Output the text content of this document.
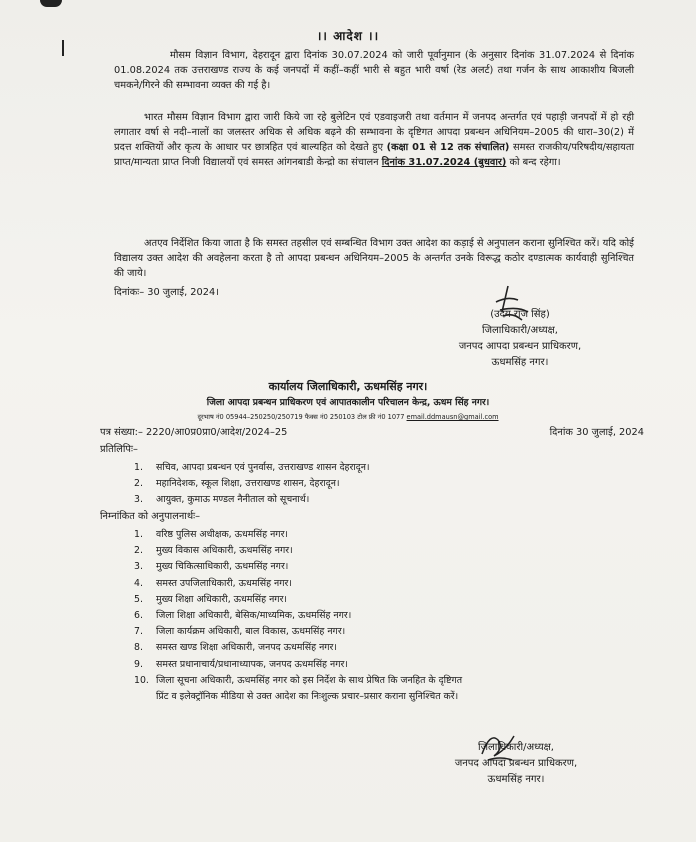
।। आदेश ।।
मौसम विज्ञान विभाग, देहरादून द्वारा दिनांक 30.07.2024 को जारी पूर्वानुमान (के अनुसार दिनांक 31.07.2024 से दिनांक 01.08.2024 तक उत्तराखण्ड राज्य के कई जनपदों में कहीं–कहीं भारी से बहुत भारी वर्षा (रेड अलर्ट) तथा गर्जन के साथ आकाशीय बिजली चमकने/गिरने की सम्भावना व्यक्त की गई है।
भारत मौसम विज्ञान विभाग द्वारा जारी किये जा रहे बुलेटिन एवं एडवाइजरी तथा वर्तमान में जनपद अन्तर्गत एवं पहाड़ी जनपदों में हो रही लगातार वर्षा से नदी–नालों का जलस्तर अधिक से अधिक बढ़ने की सम्भावना के दृष्टिगत आपदा प्रबन्धन अधिनियम–2005 की धारा–30(2) में प्रदत्त शक्तियों और कृत्य के आधार पर छात्रहित एवं बाल्यहित को देखते हुए (कक्षा 01 से 12 तक संचालित) समस्त राजकीय/परिषदीय/सहायता प्राप्त/मान्यता प्राप्त निजी विद्यालयों एवं समस्त आंगनबाडी केन्द्रो का संचालन दिनांक 31.07.2024 (बुधवार) को बन्द रहेगा।
अतएव निर्देशित किया जाता है कि समस्त तहसील एवं सम्बन्धित विभाग उक्त आदेश का कड़ाई से अनुपालन कराना सुनिश्चित करें। यदि कोई विद्यालय उक्त आदेश की अवहेलना करता है तो आपदा प्रबन्धन अधिनियम–2005 के अन्तर्गत उनके विरूद्ध कठोर दण्डात्मक कार्यवाही सुनिश्चित की जाये।
दिनांकः– 30 जुलाई, 2024।
(उदय राज सिंह)
जिलाधिकारी/अध्यक्ष,
जनपद आपदा प्रबन्धन प्राधिकरण,
ऊधमसिंह नगर।
कार्यालय जिलाधिकारी, ऊधमसिंह नगर।
जिला आपदा प्रबन्धन प्राधिकरण एवं आपातकालीन परिचालन केन्द्र, ऊधम सिंह नगर।
दूरभाष नं0 05944–250250/250719 फैक्स नं0 250103 टोल फ्री नं0 1077 email.ddmausn@gmail.com
पत्र संख्या:– 2220/आ0प्र0प्रा0/आदेश/2024–25	दिनांक 30 जुलाई, 2024
प्रतिलिपिः–
1. सचिव, आपदा प्रबन्धन एवं पुनर्वास, उत्तराखण्ड शासन देहरादून।
2. महानिदेशक, स्कूल शिक्षा, उत्तराखण्ड शासन, देहरादून।
3. आयुक्त, कुमाऊ मण्डल नैनीताल को सूचनार्थ।
निम्नांकित को अनुपालनार्थः–
1. वरिष्ठ पुलिस अधीक्षक, ऊधमसिंह नगर।
2. मुख्य विकास अधिकारी, ऊधमसिंह नगर।
3. मुख्य चिकित्साधिकारी, ऊधमसिंह नगर।
4. समस्त उपजिलाधिकारी, ऊधमसिंह नगर।
5. मुख्य शिक्षा अधिकारी, ऊधमसिंह नगर।
6. जिला शिक्षा अधिकारी, बेसिक/माध्यमिक, ऊधमसिंह नगर।
7. जिला कार्यक्रम अधिकारी, बाल विकास, ऊधमसिंह नगर।
8. समस्त खण्ड शिक्षा अधिकारी, जनपद ऊधमसिंह नगर।
9. समस्त प्रधानाचार्य/प्रधानाध्यापक, जनपद ऊधमसिंह नगर।
10. जिला सूचना अधिकारी, ऊधमसिंह नगर को इस निर्देश के साथ प्रेषित कि जनहित के दृष्टिगत
प्रिंट व इलेक्ट्रॉनिक मीडिया से उक्त आदेश का निःशुल्क प्रचार–प्रसार कराना सुनिश्चित करें।
जिलाधिकारी/अध्यक्ष,
जनपद आपदा प्रबन्धन प्राधिकरण,
ऊधमसिंह नगर।
